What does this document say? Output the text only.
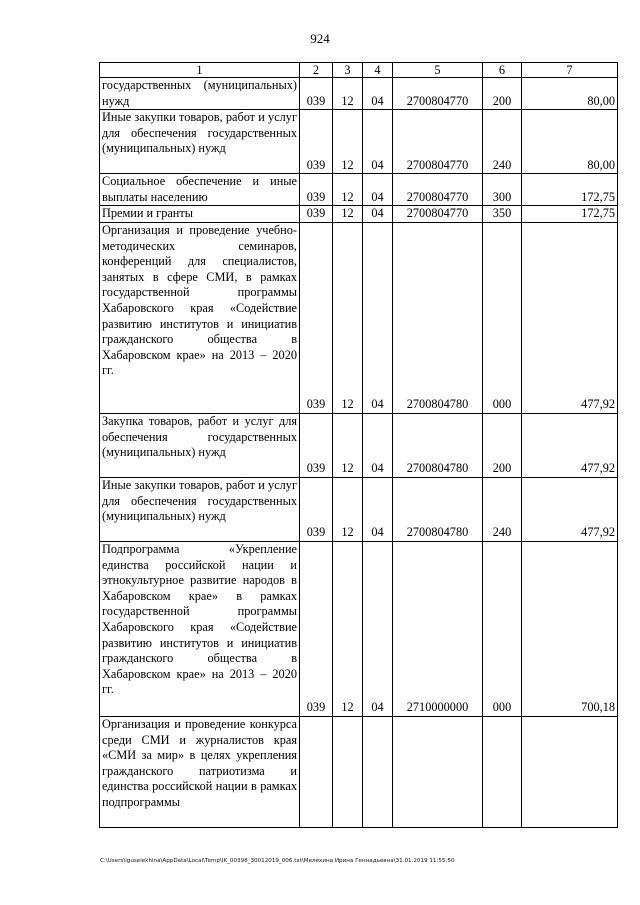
924
1	2	3	4	5	6	7
государственных (муниципальных) нужд	039	12	04	2700804770	200	80,00
Иные закупки товаров, работ и услуг для обеспечения государственных (муниципальных) нужд	039	12	04	2700804770	240	80,00
Социальное обеспечение и иные выплаты населению	039	12	04	2700804770	300	172,75
Премии и гранты	039	12	04	2700804770	350	172,75
Организация и проведение учебно-методических семинаров, конференций для специалистов, занятых в сфере СМИ, в рамках государственной программы Хабаровского края «Содействие развитию институтов и инициатив гражданского общества в Хабаровском крае» на 2013 – 2020 гг.	039	12	04	2700804780	000	477,92
Закупка товаров, работ и услуг для обеспечения государственных (муниципальных) нужд	039	12	04	2700804780	200	477,92
Иные закупки товаров, работ и услуг для обеспечения государственных (муниципальных) нужд	039	12	04	2700804780	240	477,92
Подпрограмма «Укрепление единства российской нации и этнокультурное развитие народов в Хабаровском крае» в рамках государственной программы Хабаровского края «Содействие развитию институтов и инициатив гражданского общества в Хабаровском крае» на 2013 – 2020 гг.	039	12	04	2710000000	000	700,18
Организация и проведение конкурса среди СМИ и журналистов края «СМИ за мир» в целях укрепления гражданского патриотизма и единства российской нации в рамках подпрограммы						
C:\Users\iguselekhina\AppData\Local\Temp\IK_00398_30012019_006.txt\Мелехина Ирина Геннадьевна\31.01.2019 11:55:50
